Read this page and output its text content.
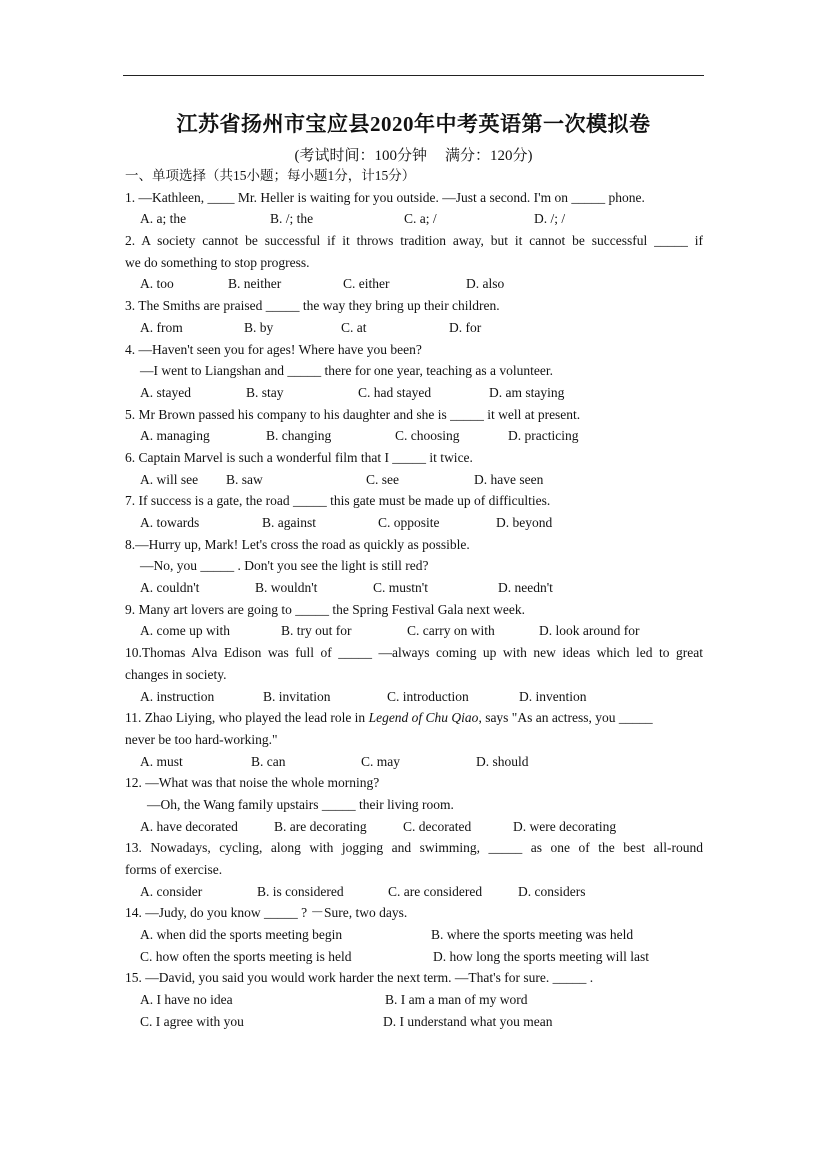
江苏省扬州市宝应县2020年中考英语第一次模拟卷
(考试时间：100分钟 满分：120分)
一、单项选择（共15小题；每小题1分，计15分）
1. —Kathleen, ____ Mr. Heller is waiting for you outside. —Just a second. I'm on _____ phone.
A. a; the	B. /; the	C. a; /	D. /; /
2. A society cannot be successful if it throws tradition away, but it cannot be successful _____ if
we do something to stop progress.
A. too	B. neither	C. either	D. also
3. The Smiths are praised _____ the way they bring up their children.
A. from	B. by	C. at	D. for
4. —Haven't seen you for ages! Where have you been?
—I went to Liangshan and _____ there for one year, teaching as a volunteer.
A. stayed	B. stay	C. had stayed	D. am staying
5. Mr Brown passed his company to his daughter and she is _____ it well at present.
A. managing	B. changing	C. choosing	D. practicing
6. Captain Marvel is such a wonderful film that I _____ it twice.
A. will see B. saw	C. see	D. have seen
7. If success is a gate, the road _____ this gate must be made up of difficulties.
A. towards	B. against	C. opposite	D. beyond
8.—Hurry up, Mark! Let's cross the road as quickly as possible.
—No, you _____ . Don't you see the light is still red?
A. couldn't	B. wouldn't	C. mustn't	D. needn't
9. Many art lovers are going to _____ the Spring Festival Gala next week.
A. come up with	B. try out for	C. carry on with	D. look around for
10.Thomas Alva Edison was full of _____ —always coming up with new ideas which led to great
changes in society.
A. instruction	B. invitation	C. introduction	D. invention
11. Zhao Liying, who played the lead role in Legend of Chu Qiao, says "As an actress, you _____
never be too hard-working."
A. must	B. can	C. may	D. should
12. —What was that noise the whole morning?
—Oh, the Wang family upstairs _____ their living room.
A. have decorated	B. are decorating	C. decorated	D. were decorating
13. Nowadays, cycling, along with jogging and swimming, _____ as one of the best all-round
forms of exercise.
A. consider	B. is considered	C. are considered	D. considers
14. —Judy, do you know _____ ? －Sure, two days.
A. when did the sports meeting begin	B. where the sports meeting was held
C. how often the sports meeting is held	D. how long the sports meeting will last
15. —David, you said you would work harder the next term. —That's for sure. _____ .
A. I have no idea	B. I am a man of my word
C. I agree with you	D. I understand what you mean
